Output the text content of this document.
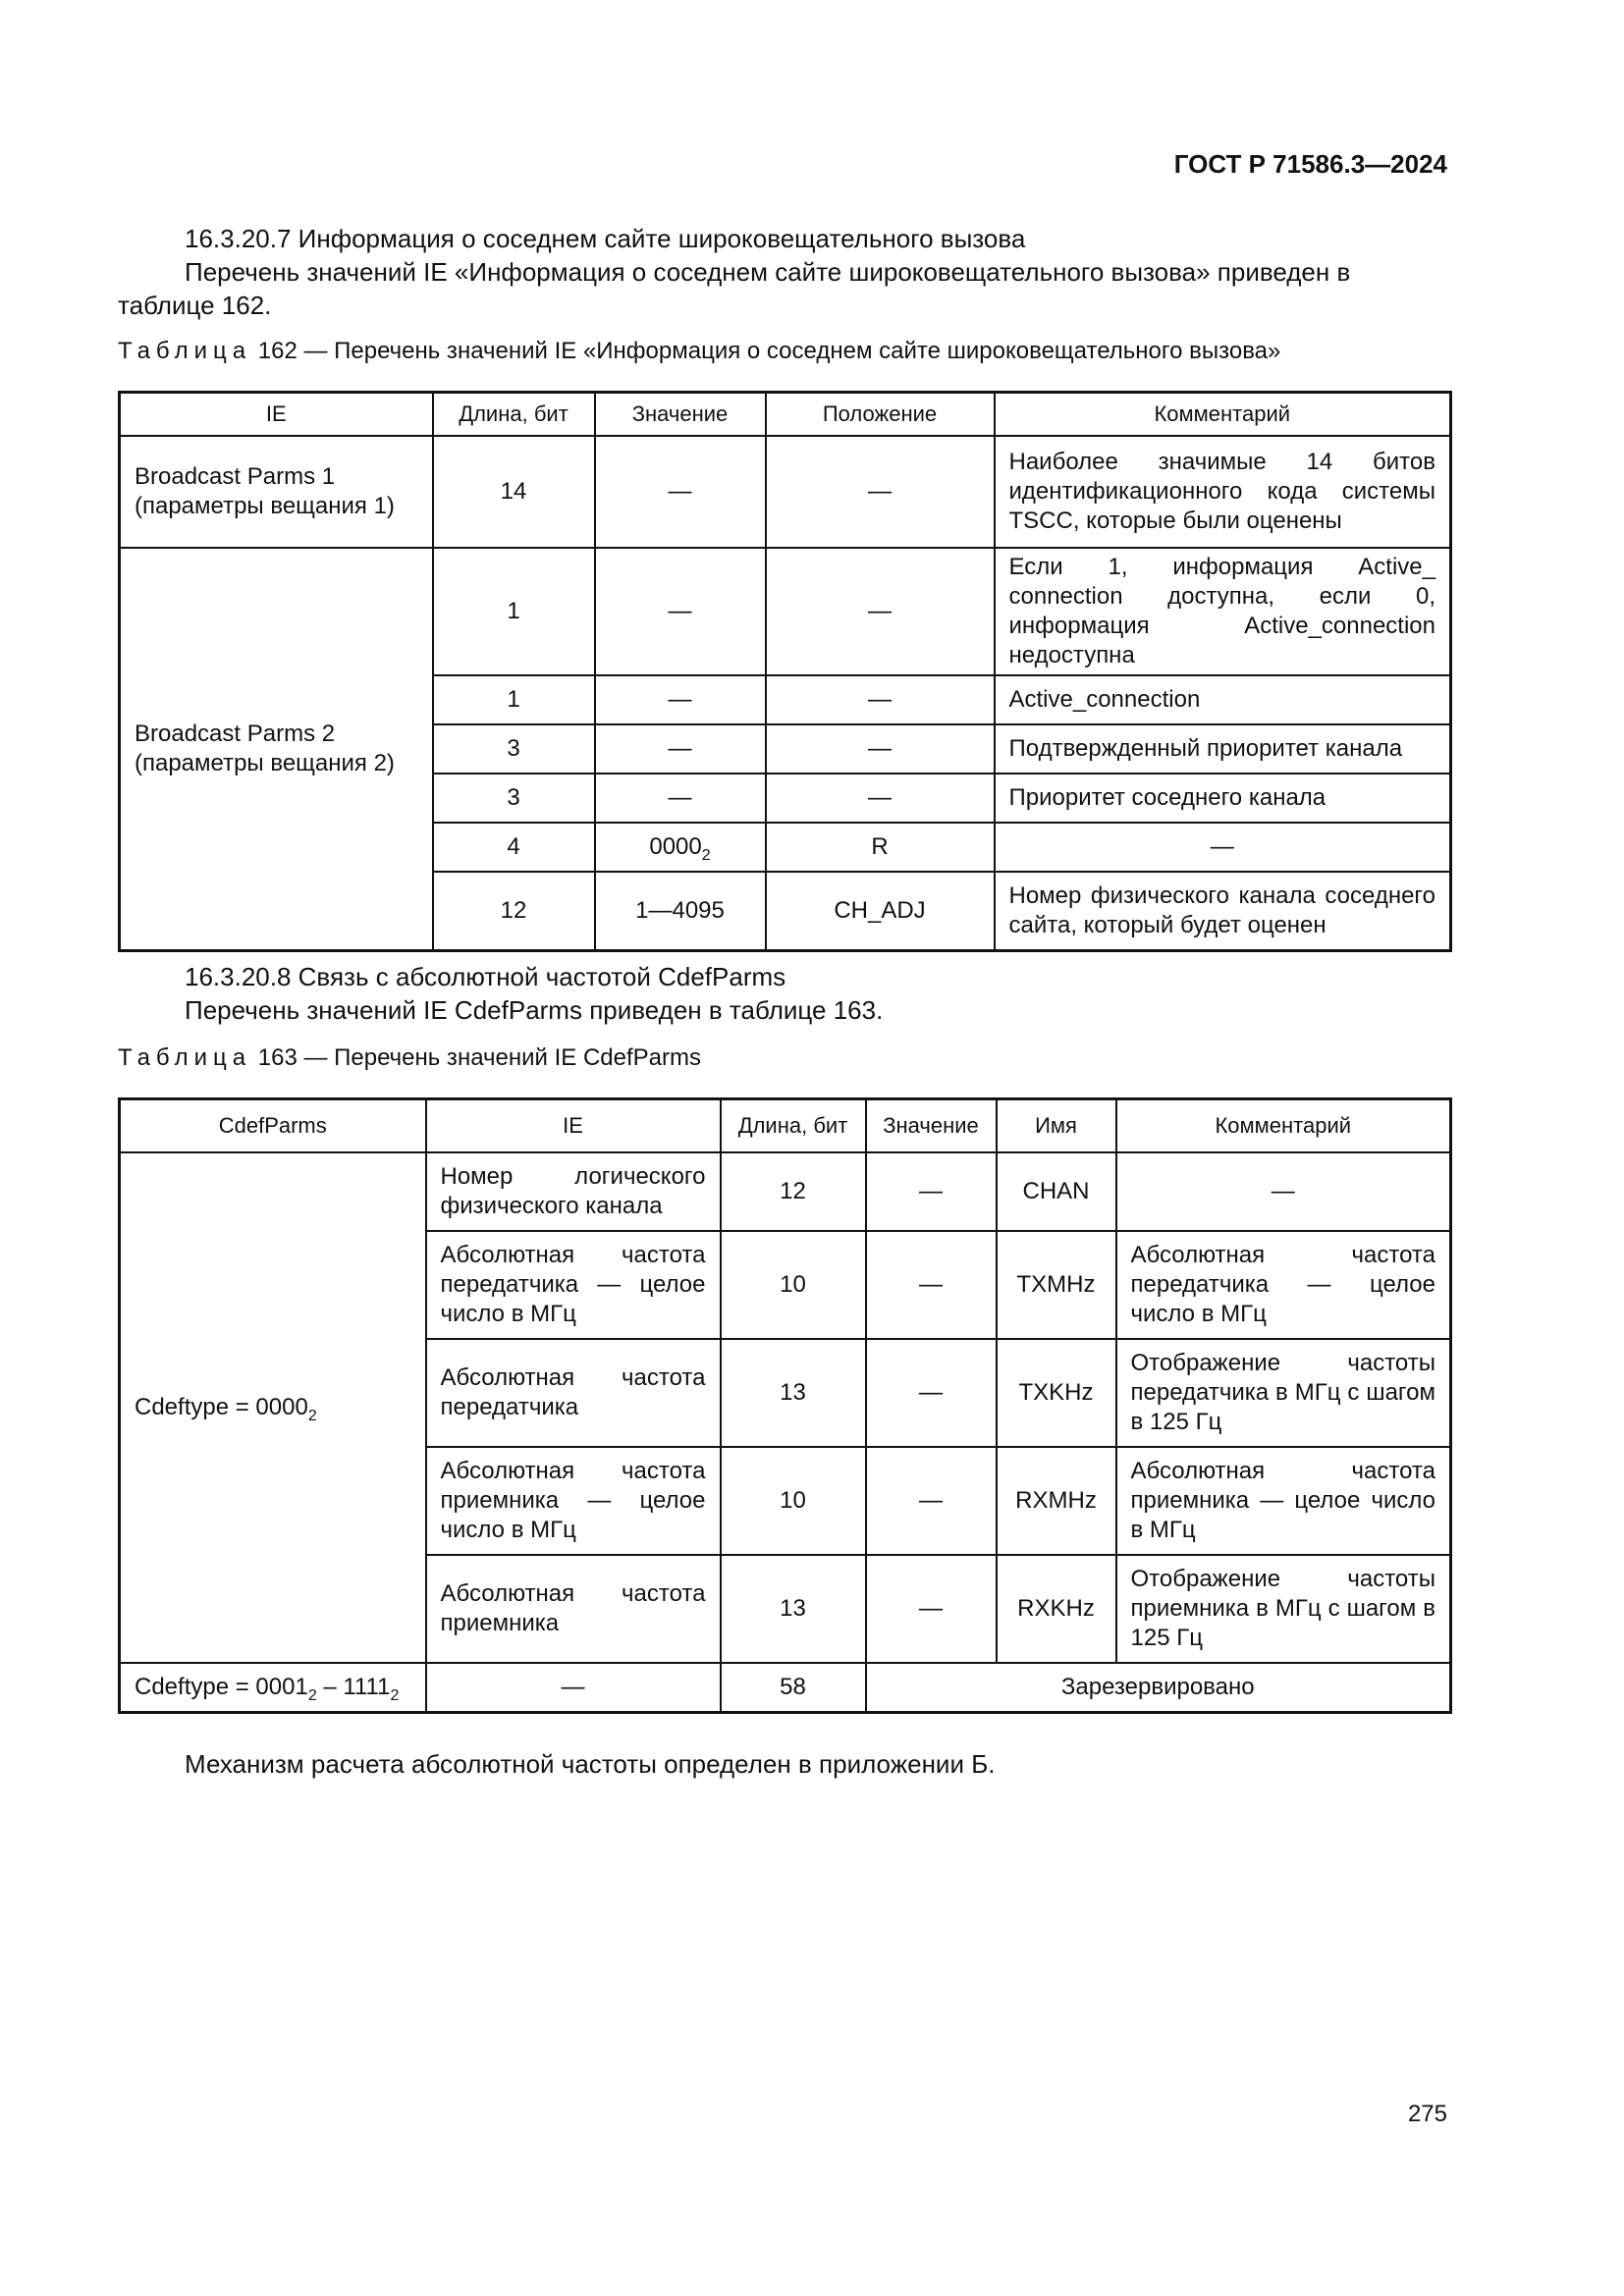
ГОСТ Р 71586.3—2024
16.3.20.7 Информация о соседнем сайте широковещательного вызова
Перечень значений IE «Информация о соседнем сайте широковещательного вызова» приведен в таблице 162.
Таблица 162 — Перечень значений IE «Информация о соседнем сайте широковещательного вызова»
IE	Длина, бит	Значение	Положение	Комментарий
Broadcast Parms 1 (параметры вещания 1)	14	—	—	Наиболее значимые 14 битов идентификационного кода системы TSCC, которые были оценены
Broadcast Parms 2 (параметры вещания 2)	1	—	—	Если 1, информация Active_ connection доступна, если 0, информация Active_connection недоступна
	1	—	—	Active_connection
	3	—	—	Подтвержденный приоритет канала
	3	—	—	Приоритет соседнего канала
	4	$0000_2$	R	—
	12	1—4095	CH_ADJ	Номер физического канала соседнего сайта, который будет оценен
16.3.20.8 Связь с абсолютной частотой CdefParms
Перечень значений IE CdefParms приведен в таблице 163.
Таблица 163 — Перечень значений IE CdefParms
CdefParms	IE	Длина, бит	Значение	Имя	Комментарий
Cdeftype = $0000_2$	Номер логического физического канала	12	—	CHAN	—
	Абсолютная частота передатчика — целое число в МГц	10	—	TXMHz	Абсолютная частота передатчика — целое число в МГц
	Абсолютная частота передатчика	13	—	TXKHz	Отображение частоты передатчика в МГц с шагом в 125 Гц
	Абсолютная частота приемника — целое число в МГц	10	—	RXMHz	Абсолютная частота приемника — целое число в МГц
	Абсолютная частота приемника	13	—	RXKHz	Отображение частоты приемника в МГц с шагом в 125 Гц
Cdeftype = $0001_2 - 1111_2$	—	58	Зарезервировано		
Механизм расчета абсолютной частоты определен в приложении Б.
275
